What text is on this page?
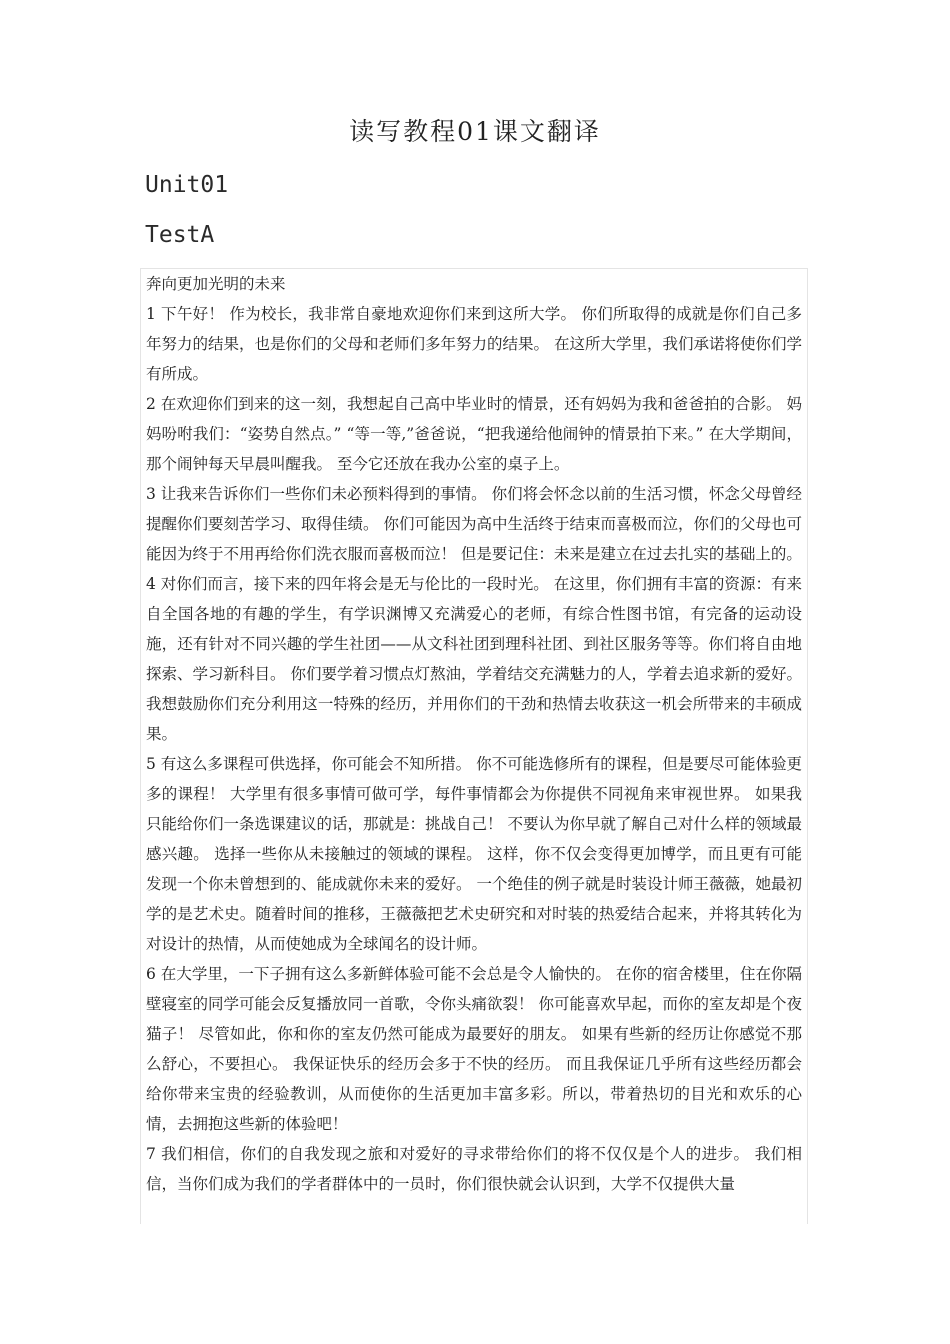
读写教程01课文翻译
Unit01
TestA

奔向更加光明的未来

1 下午好！ 作为校长，我非常自豪地欢迎你们来到这所大学。 你们所取得的成就是你们自己多年努力的结果，也是你们的父母和老师们多年努力的结果。 在这所大学里，我们承诺将使你们学有所成。

2 在欢迎你们到来的这一刻，我想起自己高中毕业时的情景，还有妈妈为我和爸爸拍的合影。 妈妈吩咐我们：“姿势自然点。” “等一等,”爸爸说，“把我递给他闹钟的情景拍下来。” 在大学期间，那个闹钟每天早晨叫醒我。 至今它还放在我办公室的桌子上。

3 让我来告诉你们一些你们未必预料得到的事情。 你们将会怀念以前的生活习惯，怀念父母曾经提醒你们要刻苦学习、取得佳绩。 你们可能因为高中生活终于结束而喜极而泣，你们的父母也可能因为终于不用再给你们洗衣服而喜极而泣！ 但是要记住：未来是建立在过去扎实的基础上的。

4 对你们而言，接下来的四年将会是无与伦比的一段时光。 在这里，你们拥有丰富的资源：有来自全国各地的有趣的学生，有学识渊博又充满爱心的老师，有综合性图书馆，有完备的运动设施，还有针对不同兴趣的学生社团——从文科社团到理科社团、到社区服务等等。你们将自由地探索、学习新科目。 你们要学着习惯点灯熬油，学着结交充满魅力的人，学着去追求新的爱好。 我想鼓励你们充分利用这一特殊的经历，并用你们的干劲和热情去收获这一机会所带来的丰硕成果。

5 有这么多课程可供选择，你可能会不知所措。 你不可能选修所有的课程，但是要尽可能体验更多的课程！ 大学里有很多事情可做可学，每件事情都会为你提供不同视角来审视世界。 如果我只能给你们一条选课建议的话，那就是：挑战自己！ 不要认为你早就了解自己对什么样的领域最感兴趣。 选择一些你从未接触过的领域的课程。 这样，你不仅会变得更加博学，而且更有可能发现一个你未曾想到的、能成就你未来的爱好。 一个绝佳的例子就是时装设计师王薇薇，她最初学的是艺术史。随着时间的推移，王薇薇把艺术史研究和对时装的热爱结合起来，并将其转化为对设计的热情，从而使她成为全球闻名的设计师。

6 在大学里，一下子拥有这么多新鲜体验可能不会总是令人愉快的。 在你的宿舍楼里，住在你隔壁寝室的同学可能会反复播放同一首歌，令你头痛欲裂！ 你可能喜欢早起，而你的室友却是个夜猫子！ 尽管如此，你和你的室友仍然可能成为最要好的朋友。 如果有些新的经历让你感觉不那么舒心，不要担心。 我保证快乐的经历会多于不快的经历。 而且我保证几乎所有这些经历都会给你带来宝贵的经验教训，从而使你的生活更加丰富多彩。所以，带着热切的目光和欢乐的心情，去拥抱这些新的体验吧！

7 我们相信，你们的自我发现之旅和对爱好的寻求带给你们的将不仅仅是个人的进步。 我们相信，当你们成为我们的学者群体中的一员时，你们很快就会认识到，大学不仅提供大量
